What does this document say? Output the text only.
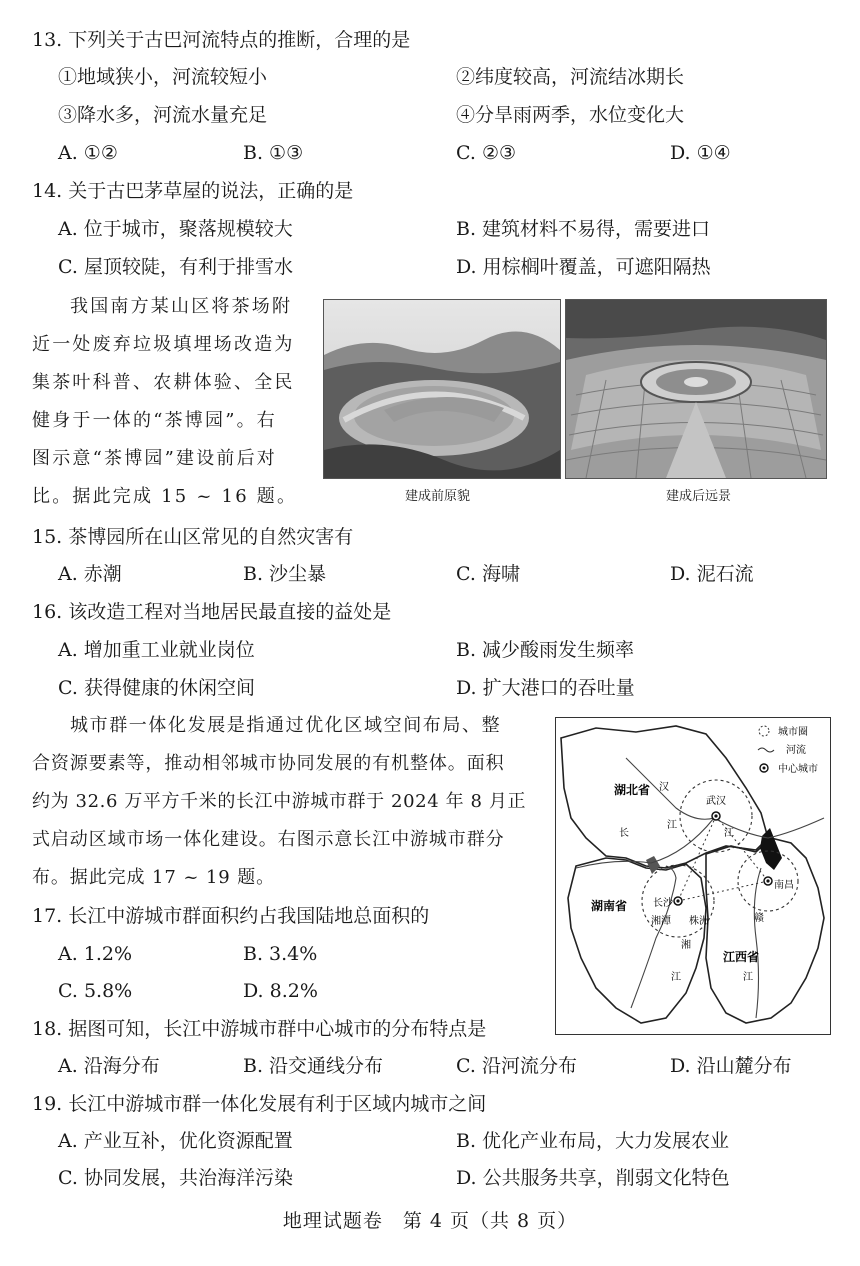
13. 下列关于古巴河流特点的推断，合理的是
①地域狭小，河流较短小	②纬度较高，河流结冰期长
③降水多，河流水量充足	④分旱雨两季，水位变化大
A. ①②	B. ①③	C. ②③	D. ①④
14. 关于古巴茅草屋的说法，正确的是
A. 位于城市，聚落规模较大	B. 建筑材料不易得，需要进口
C. 屋顶较陡，有利于排雪水	D. 用棕榈叶覆盖，可遮阳隔热
我国南方某山区将茶场附
近一处废弃垃圾填埋场改造为
集茶叶科普、农耕体验、全民
健身于一体的“茶博园”。右
图示意“茶博园”建设前后对
比。据此完成 15 ~ 16 题。	建成前原貌	建成后远景
15. 茶博园所在山区常见的自然灾害有
A. 赤潮	B. 沙尘暴	C. 海啸	D. 泥石流
16. 该改造工程对当地居民最直接的益处是
A. 增加重工业就业岗位	B. 减少酸雨发生频率
C. 获得健康的休闲空间	D. 扩大港口的吞吐量
城市群一体化发展是指通过优化区域空间布局、整
合资源要素等，推动相邻城市协同发展的有机整体。面积
约为 32.6 万平方千米的长江中游城市群于 2024 年 8 月正
式启动区域市场一体化建设。右图示意长江中游城市群分
布。据此完成 17 ~ 19 题。
城市圈
河流
中心城市
湖北省
湖南省
江西省
武汉
长沙
南昌
株洲
湘潭
汉
江
长	江
湘
江
赣
江
17. 长江中游城市群面积约占我国陆地总面积的
A. 1.2%	B. 3.4%
C. 5.8%	D. 8.2%
18. 据图可知，长江中游城市群中心城市的分布特点是
A. 沿海分布	B. 沿交通线分布	C. 沿河流分布	D. 沿山麓分布
19. 长江中游城市群一体化发展有利于区域内城市之间
A. 产业互补，优化资源配置	B. 优化产业布局，大力发展农业
C. 协同发展，共治海洋污染	D. 公共服务共享，削弱文化特色
地理试题卷　第 4 页（共 8 页）
